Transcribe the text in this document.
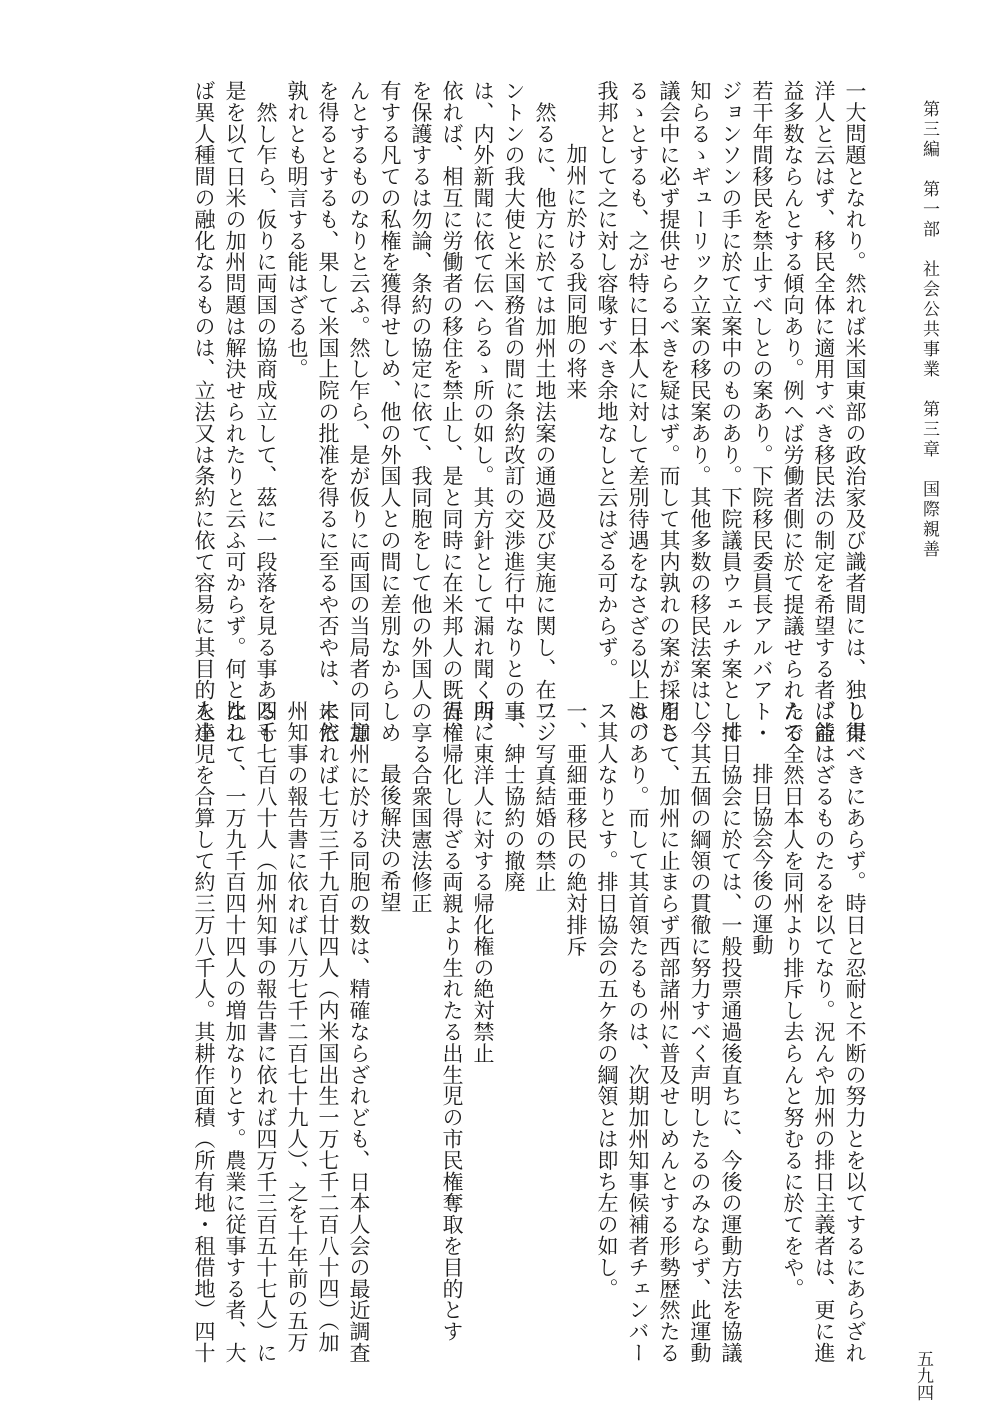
第三編　第一部　社会公共事業　第三章　国際親善
五九四
一大問題となれり。然れば米国東部の政治家及び識者間には、独り東
洋人と云はず、移民全体に適用すべき移民法の制定を希望する者、益
益多数ならんとする傾向あり。例へば労働者側に於て提議せられたる
若干年間移民を禁止すべしとの案あり。下院移民委員長アルバアト・
ジョンソンの手に於て立案中のものあり。下院議員ウェルチ案として
知らるゝギューリック立案の移民案あり。其他多数の移民法案は、今
議会中に必ず提供せらるべきを疑はず。而して其内孰れの案が採用さ
るゝとするも、之が特に日本人に対して差別待遇をなさざる以上は、
我邦として之に対し容喙すべき余地なしと云はざる可からず。
加州に於ける我同胞の将来
　然るに、他方に於ては加州土地法案の通過及び実施に関し、在ワシ
ントンの我大使と米国務省の間に条約改訂の交渉進行中なりとの事
は、内外新聞に依て伝へらるゝ所の如し。其方針として漏れ聞く所に
依れば、相互に労働者の移住を禁止し、是と同時に在米邦人の既得権
を保護するは勿論、条約の協定に依て、我同胞をして他の外国人の享
有する凡ての私権を獲得せしめ、他の外国人との間に差別なからしめ
んとするものなりと云ふ。然し乍ら、是が仮りに両国の当局者の同意
を得るとするも、果して米国上院の批准を得るに至るや否やは、未だ
孰れとも明言する能はざる也。
　然し乍ら、仮りに両国の協商成立して、茲に一段落を見る事あるも
是を以て日米の加州問題は解決せられたりと云ふ可からず。何となれ
ば異人種間の融化なるものは、立法又は条約に依て容易に其目的を達
し得べきにあらず。時日と忍耐と不断の努力とを以てするにあらざれ
ば能はざるものたるを以てなり。況んや加州の排日主義者は、更に進
んで全然日本人を同州より排斥し去らんと努むるに於てをや。
排日協会今後の運動
　排日協会に於ては、一般投票通過後直ちに、今後の運動方法を協議
し、其五個の綱領の貫徹に努力すべく声明したるのみならず、此運動
をして、加州に止まらず西部諸州に普及せしめんとする形勢歴然たる
ものあり。而して其首領たるものは、次期加州知事候補者チェンバー
ス其人なりとす。排日協会の五ケ条の綱領とは即ち左の如し。
一、亜細亜移民の絶対排斥
二、写真結婚の禁止
三、紳士協約の撤廃
四、東洋人に対する帰化権の絶対禁止
五、帰化し得ざる両親より生れたる出生児の市民権奪取を目的とす
　　る合衆国憲法修正
最後解決の希望
　加州に於ける同胞の数は、精確ならざれども、日本人会の最近調査
に依れば七万三千九百廿四人（内米国出生一万七千二百八十四）（加
州知事の報告書に依れば八万七千二百七十九人）、之を十年前の五万
四千七百八十人（加州知事の報告書に依れば四万千三百五十七人）に
比して、一万九千百四十四人の増加なりとす。農業に従事する者、大
人小児を合算して約三万八千人。其耕作面積（所有地・租借地）四十
